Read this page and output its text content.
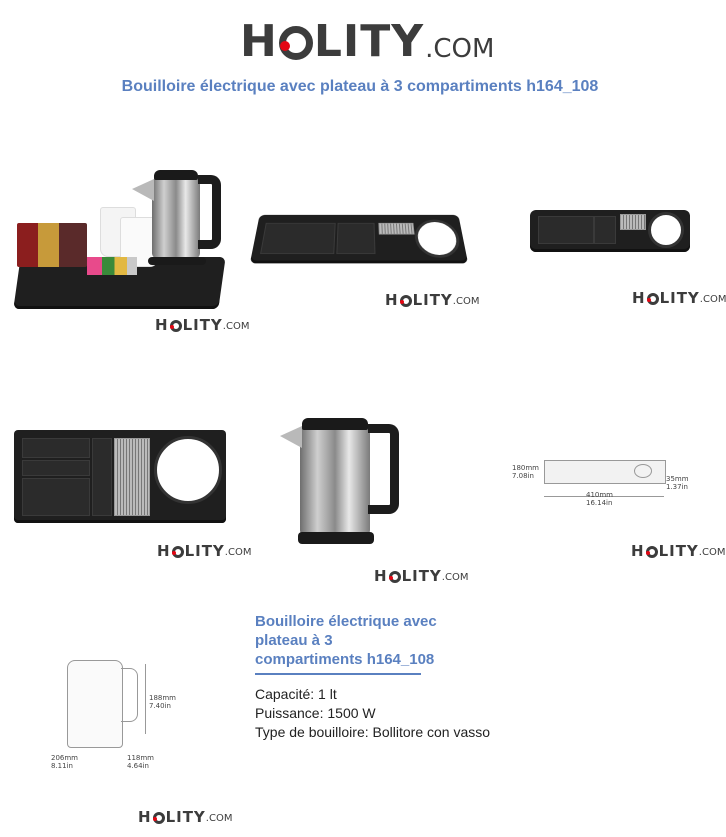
H LITY .COM
Bouilloire électrique avec plateau à 3 compartiments h164_108
H LITY .COM
H LITY .COM	H LITY .COM
H LITY .COM
H LITY .COM
180mm
7.08in	35mm
1.37in
410mm
16.14in
H LITY .COM
188mm
7.40in
206mm
8.11in
118mm
4.64in
H LITY .COM
Bouilloire électrique avec
plateau à 3
compartiments h164_108
Capacité: 1 lt
Puissance: 1500 W
Type de bouilloire: Bollitore con vasso
